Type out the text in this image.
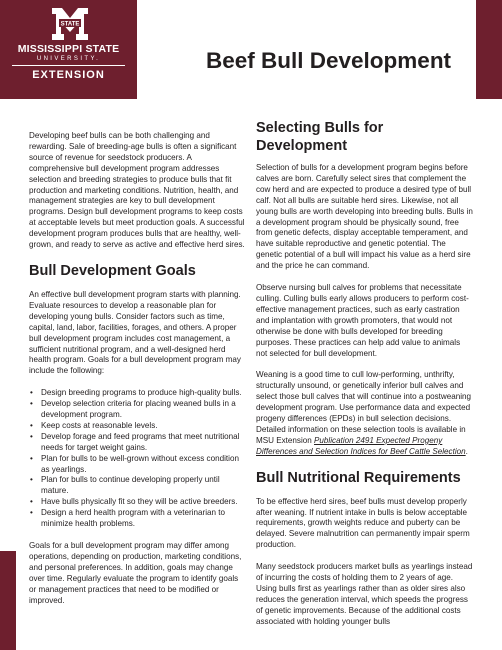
STATE
MISSISSIPPI STATE
UNIVERSITY.
EXTENSION
Beef Bull Development

Developing beef bulls can be both challenging and rewarding. Sale of breeding-age bulls is often a significant source of revenue for seedstock producers. A comprehensive bull development program addresses selection and breeding strategies to produce bulls that fit production and marketing conditions. Nutrition, health, and management strategies are key to bull development programs. Design bull development programs to keep costs at acceptable levels but meet production goals. A successful development program produces bulls that are healthy, well-grown, and ready to serve as active and effective herd sires.

Bull Development Goals

An effective bull development program starts with planning. Evaluate resources to develop a reasonable plan for developing young bulls. Consider factors such as time, capital, land, labor, facilities, forages, and others. A proper bull development program includes cost management, a sufficient nutritional program, and a well-designed herd health program. Goals for a bull development program may include the following:

• Design breeding programs to produce high-quality bulls.
• Develop selection criteria for placing weaned bulls in a development program.
• Keep costs at reasonable levels.
• Develop forage and feed programs that meet nutritional needs for target weight gains.
• Plan for bulls to be well-grown without excess condition as yearlings.
• Plan for bulls to continue developing properly until mature.
• Have bulls physically fit so they will be active breeders.
• Design a herd health program with a veterinarian to minimize health problems.

Goals for a bull development program may differ among operations, depending on production, marketing conditions, and personal preferences. In addition, goals may change over time. Regularly evaluate the program to identify goals or management practices that need to be modified or improved.

Selecting Bulls for Development

Selection of bulls for a development program begins before calves are born. Carefully select sires that complement the cow herd and are expected to produce a desired type of bull calf. Not all bulls are suitable herd sires. Likewise, not all young bulls are worth developing into breeding bulls. Bulls in a development program should be physically sound, free from genetic defects, display acceptable temperament, and have suitable reproductive and genetic potential. The genetic potential of a bull will impact his value as a herd sire and the price he can command.

Observe nursing bull calves for problems that necessitate culling. Culling bulls early allows producers to perform cost-effective management practices, such as early castration and implantation with growth promoters, that would not otherwise be done with bulls developed for breeding purposes. These practices can help add value to animals not selected for bull development.

Weaning is a good time to cull low-performing, unthrifty, structurally unsound, or genetically inferior bull calves and select those bull calves that will continue into a postweaning development program. Use performance data and expected progeny differences (EPDs) in bull selection decisions. Detailed information on these selection tools is available in MSU Extension Publication 2491 Expected Progeny Differences and Selection Indices for Beef Cattle Selection.

Bull Nutritional Requirements

To be effective herd sires, beef bulls must develop properly after weaning. If nutrient intake in bulls is below acceptable requirements, growth weights reduce and puberty can be delayed. Severe malnutrition can permanently impair sperm production.

Many seedstock producers market bulls as yearlings instead of incurring the costs of holding them to 2 years of age. Using bulls first as yearlings rather than as older sires also reduces the generation interval, which speeds the progress of genetic improvements. Because of the additional costs associated with holding younger bulls
